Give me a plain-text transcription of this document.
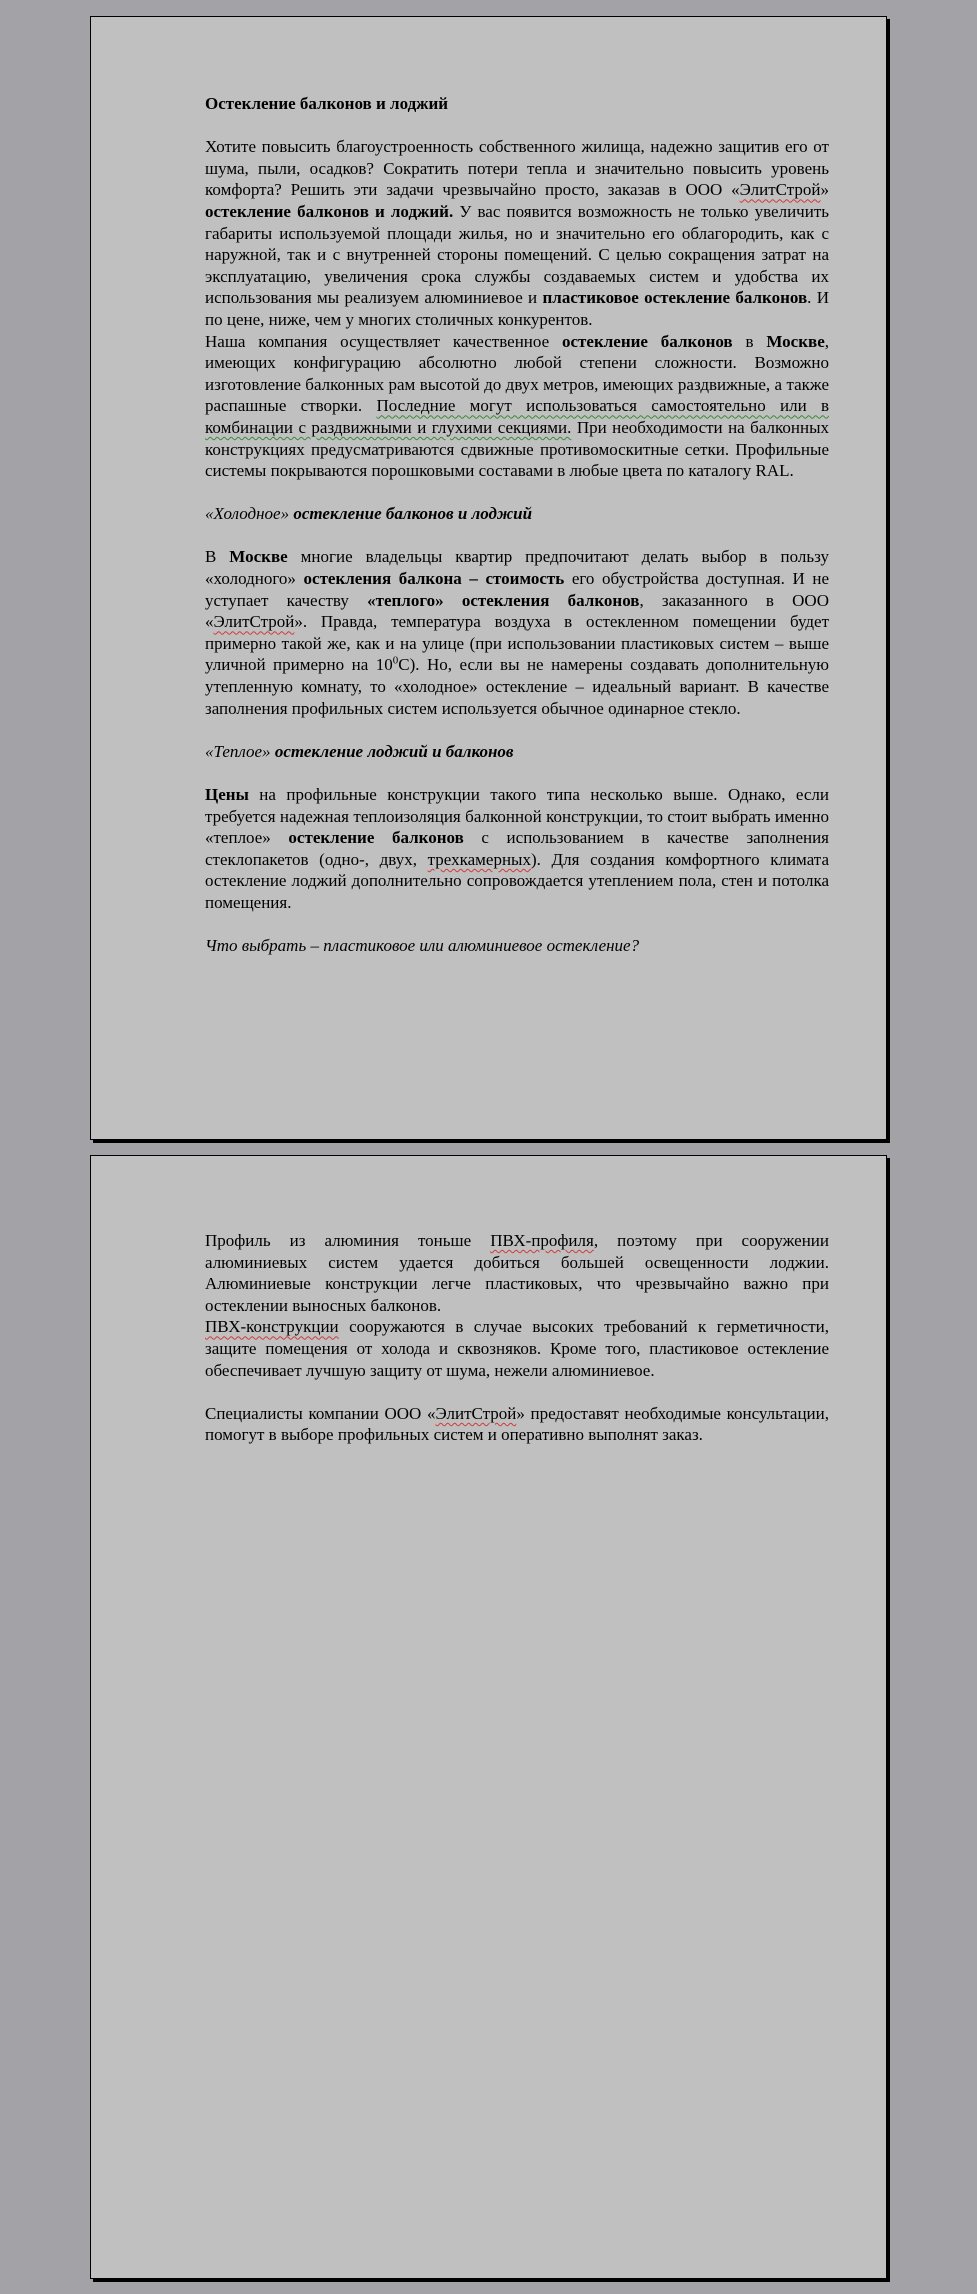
Остекление балконов и лоджий

Хотите повысить благоустроенность собственного жилища, надежно защитив его от шума, пыли, осадков? Сократить потери тепла и значительно повысить уровень комфорта? Решить эти задачи чрезвычайно просто, заказав в ООО «ЭлитСтрой» остекление балконов и лоджий. У вас появится возможность не только увеличить габариты используемой площади жилья, но и значительно его облагородить, как с наружной, так и с внутренней стороны помещений. С целью сокращения затрат на эксплуатацию, увеличения срока службы создаваемых систем и удобства их использования мы реализуем алюминиевое и пластиковое остекление балконов. И по цене, ниже, чем у многих столичных конкурентов.

Наша компания осуществляет качественное остекление балконов в Москве, имеющих конфигурацию абсолютно любой степени сложности. Возможно изготовление балконных рам высотой до двух метров, имеющих раздвижные, а также распашные створки. Последние могут использоваться самостоятельно или в комбинации с раздвижными и глухими секциями. При необходимости на балконных конструкциях предусматриваются сдвижные противомоскитные сетки. Профильные системы покрываются порошковыми составами в любые цвета по каталогу RAL.

«Холодное» остекление балконов и лоджий

В Москве многие владельцы квартир предпочитают делать выбор в пользу «холодного» остекления балкона – стоимость его обустройства доступная. И не уступает качеству «теплого» остекления балконов, заказанного в ООО «ЭлитСтрой». Правда, температура воздуха в остекленном помещении будет примерно такой же, как и на улице (при использовании пластиковых систем – выше уличной примерно на $10^0С$). Но, если вы не намерены создавать дополнительную утепленную комнату, то «холодное» остекление – идеальный вариант. В качестве заполнения профильных систем используется обычное одинарное стекло.

«Теплое» остекление лоджий и балконов

Цены на профильные конструкции такого типа несколько выше. Однако, если требуется надежная теплоизоляция балконной конструкции, то стоит выбрать именно «теплое» остекление балконов с использованием в качестве заполнения стеклопакетов (одно-, двух, трехкамерных). Для создания комфортного климата остекление лоджий дополнительно сопровождается утеплением пола, стен и потолка помещения.

Что выбрать – пластиковое или алюминиевое остекление?

Профиль из алюминия тоньше ПВХ-профиля, поэтому при сооружении алюминиевых систем удается добиться большей освещенности лоджии. Алюминиевые конструкции легче пластиковых, что чрезвычайно важно при остеклении выносных балконов.

ПВХ-конструкции сооружаются в случае высоких требований к герметичности, защите помещения от холода и сквозняков. Кроме того, пластиковое остекление обеспечивает лучшую защиту от шума, нежели алюминиевое.

Специалисты компании ООО «ЭлитСтрой» предоставят необходимые консультации, помогут в выборе профильных систем и оперативно выполнят заказ.
